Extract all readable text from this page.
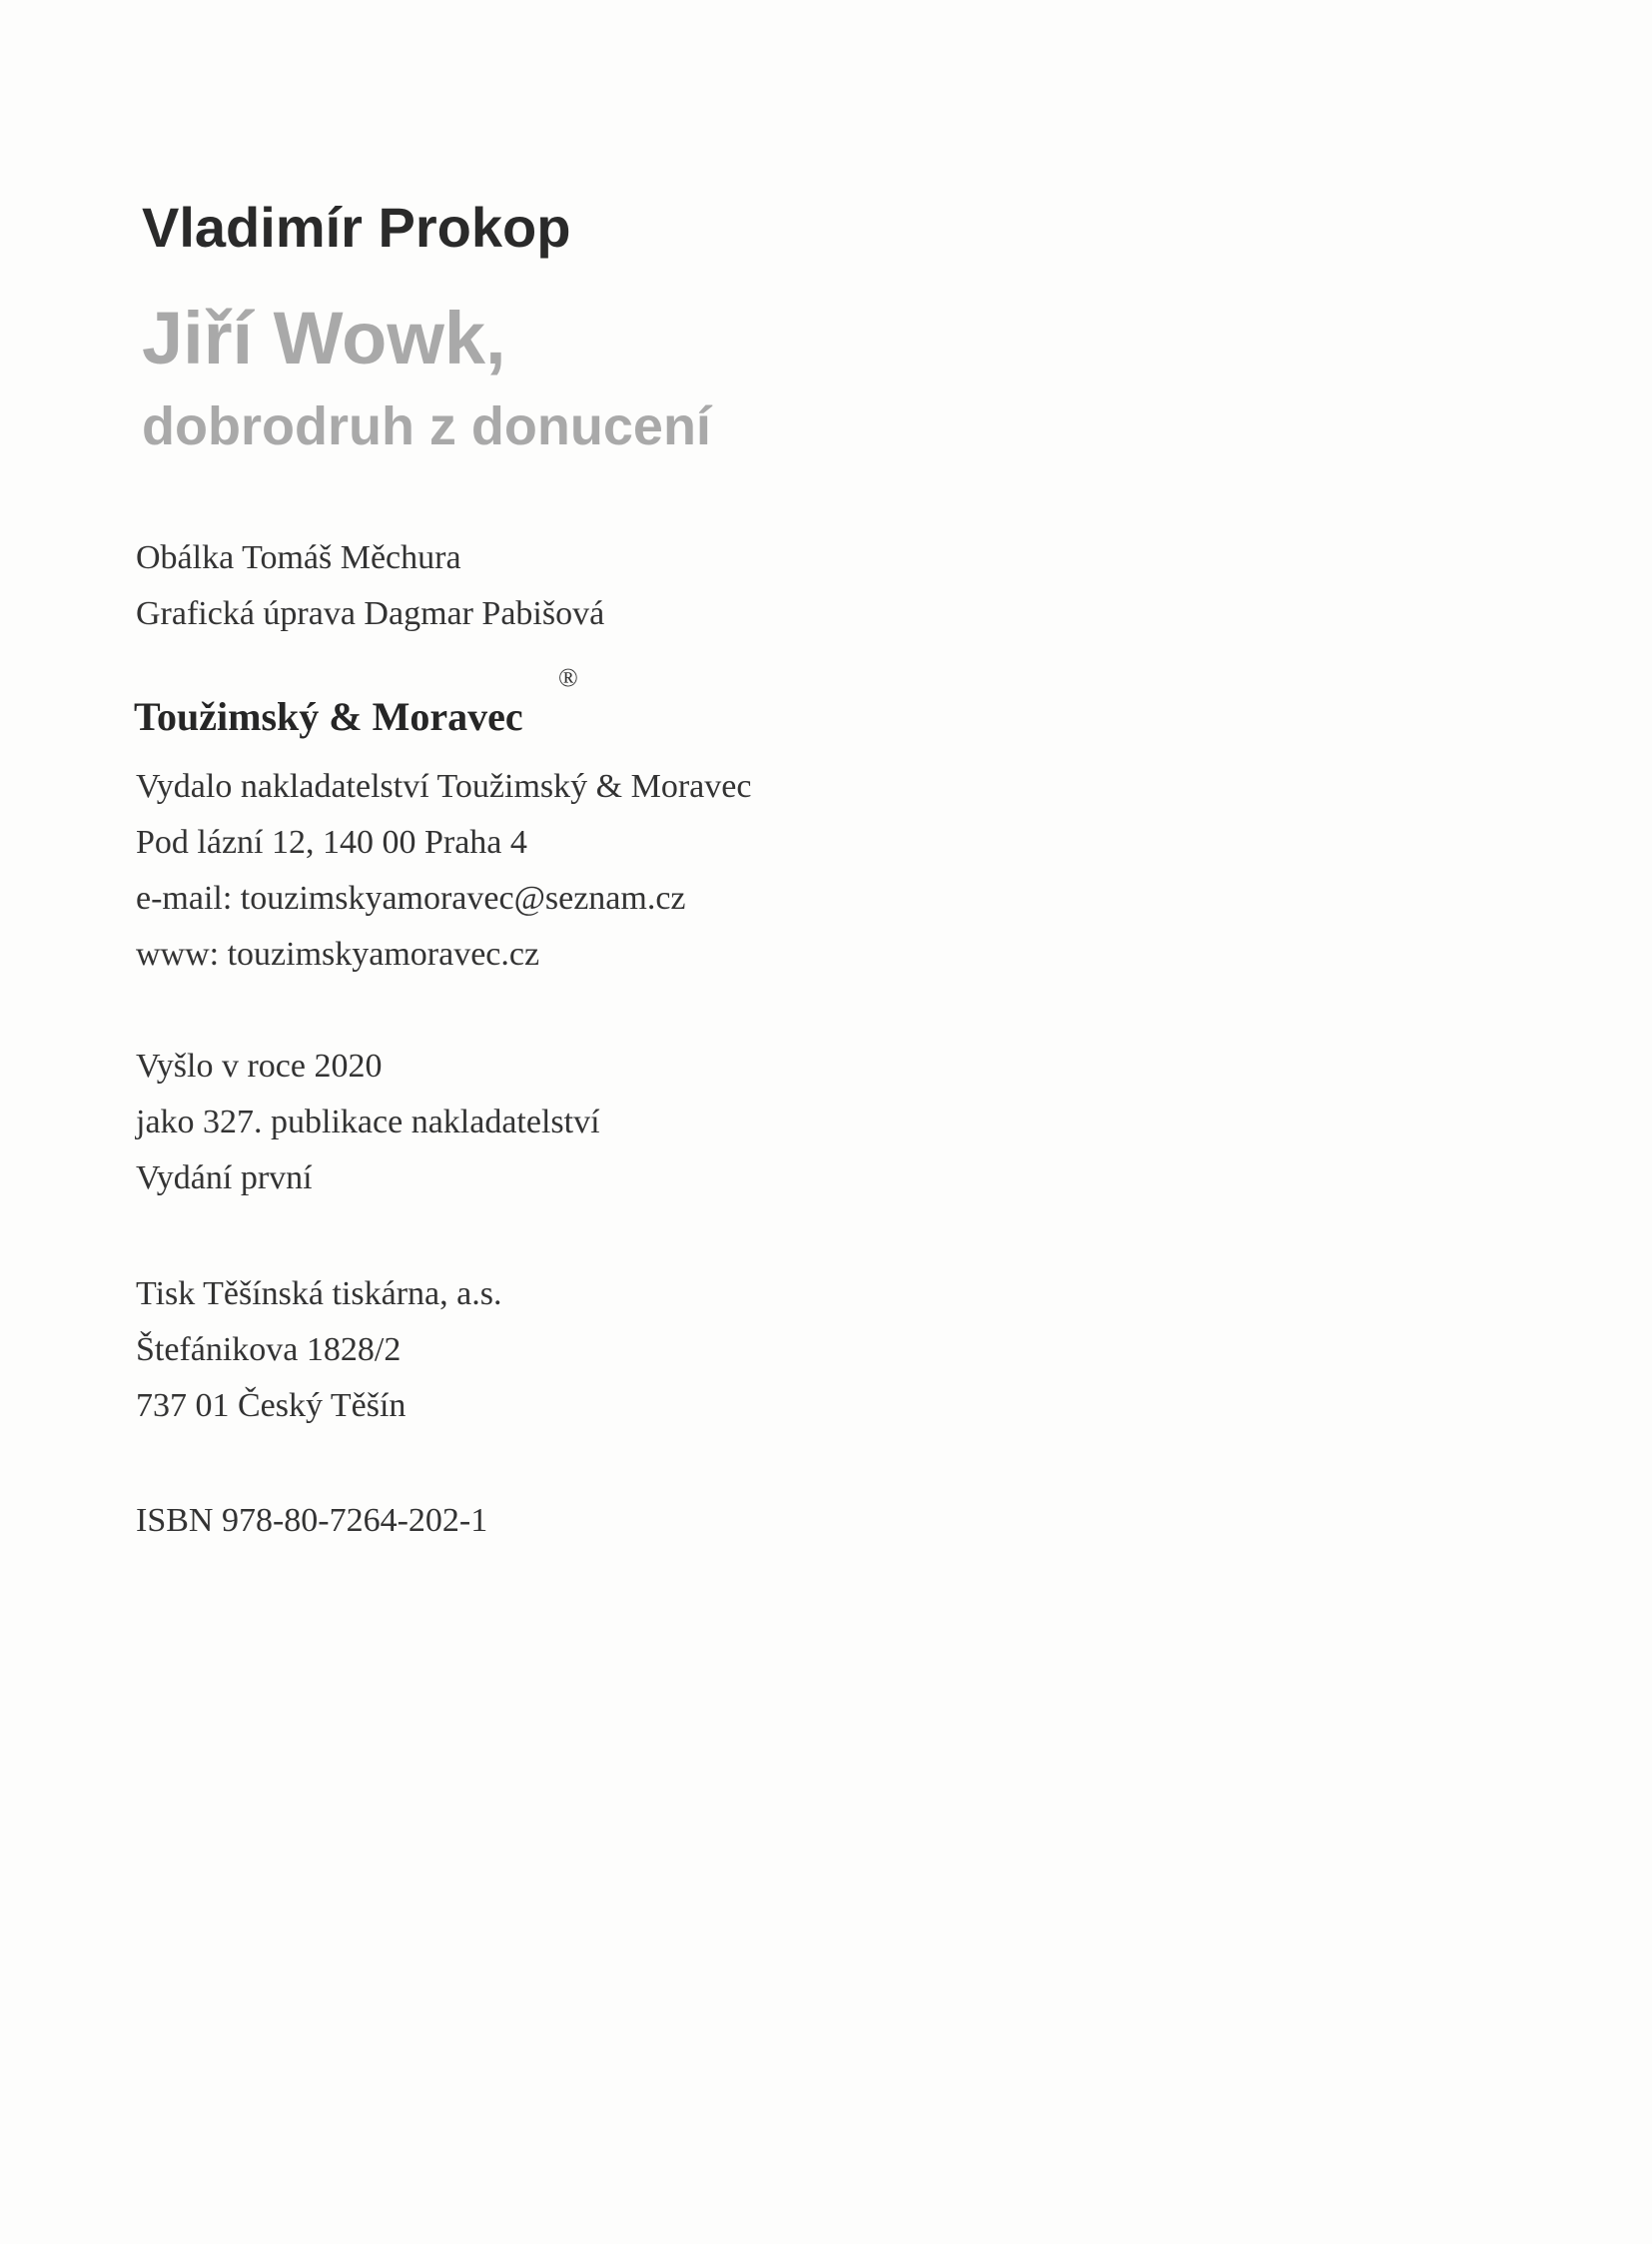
Vladimír Prokop
Jiří Wowk,
dobrodruh z donucení
Obálka Tomáš Měchura
Grafická úprava Dagmar Pabišová
Toužimský & Moravec
®
Vydalo nakladatelství Toužimský & Moravec
Pod lázní 12, 140 00 Praha 4
e-mail: touzimskyamoravec@seznam.cz
www: touzimskyamoravec.cz
Vyšlo v roce 2020
jako 327. publikace nakladatelství
Vydání první
Tisk Těšínská tiskárna, a.s.
Štefánikova 1828/2
737 01 Český Těšín
ISBN 978-80-7264-202-1
